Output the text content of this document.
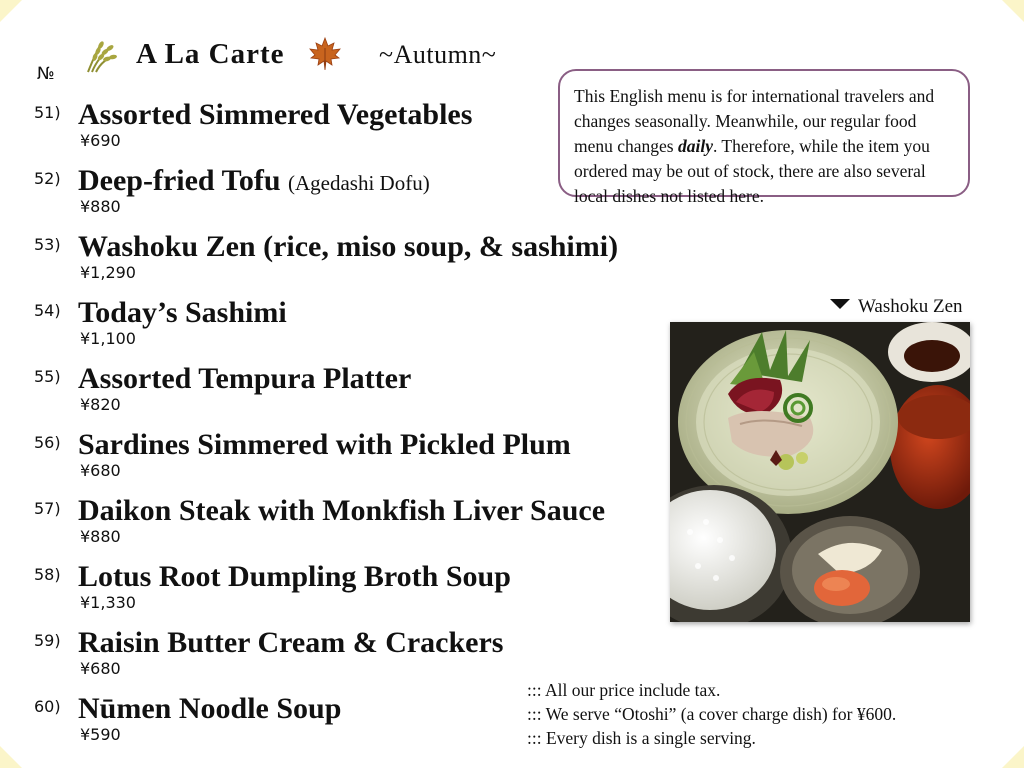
№
A La Carte	~Autumn~
This English menu is for international travelers and changes seasonally. Meanwhile, our regular food menu changes daily. Therefore, while the item you ordered may be out of stock, there are also several local dishes not listed here.
51) Assorted Simmered Vegetables
¥690
52) Deep-fried Tofu (Agedashi Dofu)
¥880
53) Washoku Zen (rice, miso soup, & sashimi)
¥1,290
54) Today’s Sashimi
¥1,100
55) Assorted Tempura Platter
¥820
56) Sardines Simmered with Pickled Plum
¥680
57) Daikon Steak with Monkfish Liver Sauce
¥880
58) Lotus Root Dumpling Broth Soup
¥1,330
59) Raisin Butter Cream & Crackers
¥680
60) Nūmen Noodle Soup
¥590
Washoku Zen
::: All our price include tax.
::: We serve “Otoshi” (a cover charge dish) for ¥600.
::: Every dish is a single serving.
